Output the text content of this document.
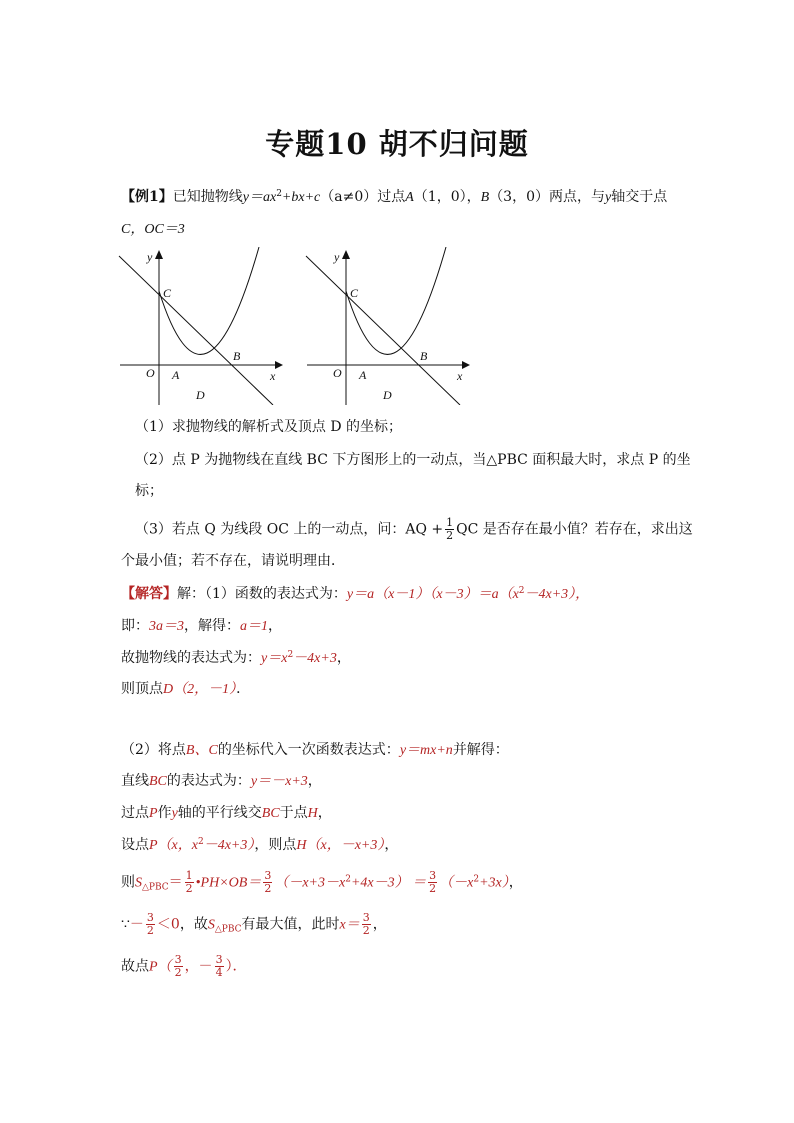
专题10 胡不归问题
【例1】已知抛物线$y=ax^2+bx+c(a\ne 0)$过点A（1，0），B（3，0）两点，与y轴交于点
C，OC＝3
y
C
B
O A	x
D
y
C
B
O A	x
D
（1）求抛物线的解析式及顶点 D 的坐标；
（2）点 P 为抛物线在直线 BC 下方图形上的一动点，当△PBC 面积最大时，求点 P 的坐
标；
（3）若点 Q 为线段 OC 上的一动点，问：AQ + $\frac{1}{2}$ QC 是否存在最小值？若存在，求出这
个最小值；若不存在，请说明理由．
【解答】解：（1）函数的表达式为：$y=a(x-1)(x-3)=a(x^2-4x+3)$，
即：3a＝3，解得：a＝1，
故抛物线的表达式为：$y=x^2-4x+3$，
则顶点D（2，－1）．
（2）将点B、C的坐标代入一次函数表达式：y＝mx+n并解得：
直线BC的表达式为：y＝－x+3，
过点P作y轴的平行线交BC于点H，
设点P（x，$x^2-4x+3$），则点H（x，－x+3），
则$S_{\triangle PBC}= \frac{1}{2}$ •PH×OB＝ $\frac{3}{2} (-x+3-x^2+4x-3) = \frac{3}{2} (-x^2+3x)$，
∵－ $\frac{3}{2} <0$，故$S_{\triangle PBC}$有最大值，此时$x= \frac{3}{2}$ ，
故点$P( \frac{3}{2}$ ，－ $\frac{3}{4}$ ）．
